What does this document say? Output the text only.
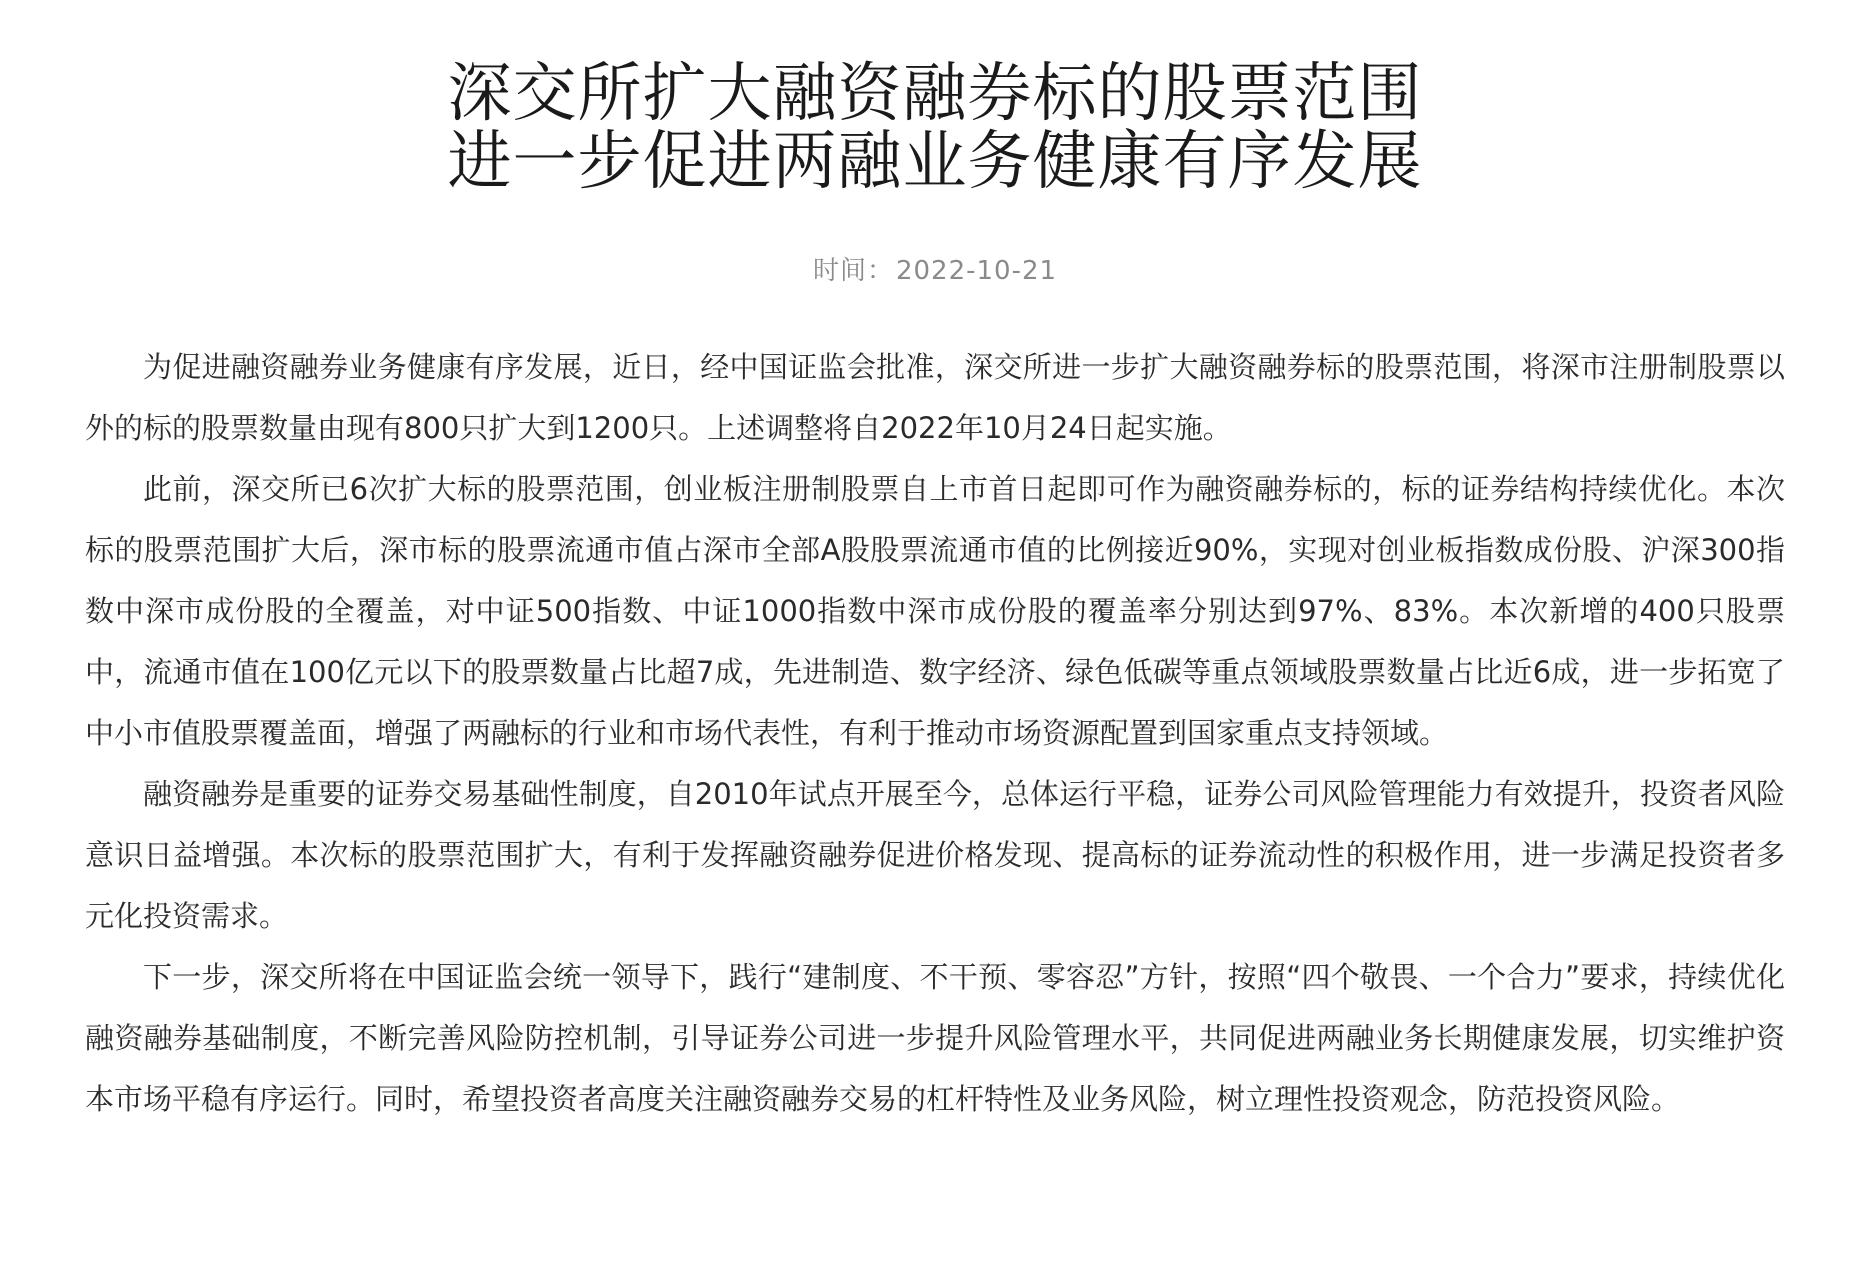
深交所扩大融资融券标的股票范围
进一步促进两融业务健康有序发展
时间：2022-10-21

为促进融资融券业务健康有序发展，近日，经中国证监会批准，深交所进一步扩大融资融券标的股票范围，将深市注册制股票以外的标的股票数量由现有800只扩大到1200只。上述调整将自2022年10月24日起实施。

此前，深交所已6次扩大标的股票范围，创业板注册制股票自上市首日起即可作为融资融券标的，标的证券结构持续优化。本次标的股票范围扩大后，深市标的股票流通市值占深市全部A股股票流通市值的比例接近90%，实现对创业板指数成份股、沪深300指数中深市成份股的全覆盖，对中证500指数、中证1000指数中深市成份股的覆盖率分别达到97%、83%。本次新增的400只股票中，流通市值在100亿元以下的股票数量占比超7成，先进制造、数字经济、绿色低碳等重点领域股票数量占比近6成，进一步拓宽了中小市值股票覆盖面，增强了两融标的行业和市场代表性，有利于推动市场资源配置到国家重点支持领域。

融资融券是重要的证券交易基础性制度，自2010年试点开展至今，总体运行平稳，证券公司风险管理能力有效提升，投资者风险意识日益增强。本次标的股票范围扩大，有利于发挥融资融券促进价格发现、提高标的证券流动性的积极作用，进一步满足投资者多元化投资需求。

下一步，深交所将在中国证监会统一领导下，践行“建制度、不干预、零容忍”方针，按照“四个敬畏、一个合力”要求，持续优化融资融券基础制度，不断完善风险防控机制，引导证券公司进一步提升风险管理水平，共同促进两融业务长期健康发展，切实维护资本市场平稳有序运行。同时，希望投资者高度关注融资融券交易的杠杆特性及业务风险，树立理性投资观念，防范投资风险。
